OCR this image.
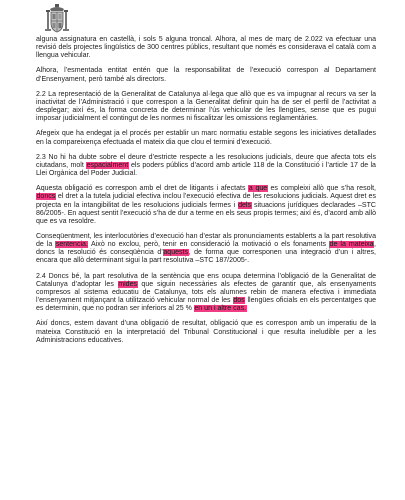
alguna assignatura en castellà, i sols 5 alguna troncal. Alhora, al mes de març de 2.022 va efectuar una revisió dels projectes lingüístics de 300 centres públics, resultant que només es considerava el català com a llengua vehicular.

Alhora, l’esmentada entitat entén que la responsabilitat de l’execució correspon al Departament d’Ensenyament, però també als directors.

2.2 La representació de la Generalitat de Catalunya al·lega que allò que es va impugnar al recurs va ser la inactivitat de l’Administració i que correspon a la Generalitat definir quin ha de ser el perfil de l’activitat a desplegar; així és, la forma concreta de determinar l’ús vehicular de les llengües, sense que es pugui imposar judicialment el contingut de les normes ni fiscalitzar les omissions reglamentàries.

Afegeix que ha endegat ja el procés per establir un marc normatiu estable segons les iniciatives detallades en la compareixença efectuada el mateix dia que clou el termini d’execució.

2.3 No hi ha dubte sobre el deure d’estricte respecte a les resolucions judicials, deure que afecta tots els ciutadans, molt espacialment els poders públics d’acord amb article 118 de la Constitució i l’article 17 de la Llei Orgànica del Poder Judicial.

Aquesta obligació es correspon amb el dret de litigants i afectats a que es compleixi allò que s’ha resolt, doncs el dret a la tutela judicial efectiva inclou l’execució efectiva de les resolucions judicials. Aquest dret es projecta en la intangibilitat de les resolucions judicials fermes i dels situacions jurídiques declarades –STC 86/2005-. En aquest sentit l’execució s’ha de dur a terme en els seus propis termes; així és, d’acord amb allò que es va resoldre.

Conseqüentment, les interlocutòries d’execució han d’estar als pronunciaments establerts a la part resolutiva de la sentencia. Això no exclou, però, tenir en consideració la motivació o els fonaments de la mateixa, doncs la resolució és conseqüència d’aquests, de forma que corresponen una integració d’un i altres, encara que allò determinant sigui la part resolutiva –STC 187/2005-.

2.4 Doncs bé, la part resolutiva de la sentència que ens ocupa determina l’obligació de la Generalitat de Catalunya d’adoptar les mides que siguin necessàries als efectes de garantir que, als ensenyaments compresos al sistema educatiu de Catalunya, tots els alumnes rebin de manera efectiva i immediata l’ensenyament mitjançant la utilització vehicular normal de les dos llengües oficials en els percentatges que es determinin, que no podran ser inferiors al 25 % en un i altre cas.

Així doncs, estem davant d’una obligació de resultat, obligació que es correspon amb un imperatiu de la mateixa Constitució en la interpretació del Tribunal Constitucional i que resulta ineludible per a les Administracions educatives.
